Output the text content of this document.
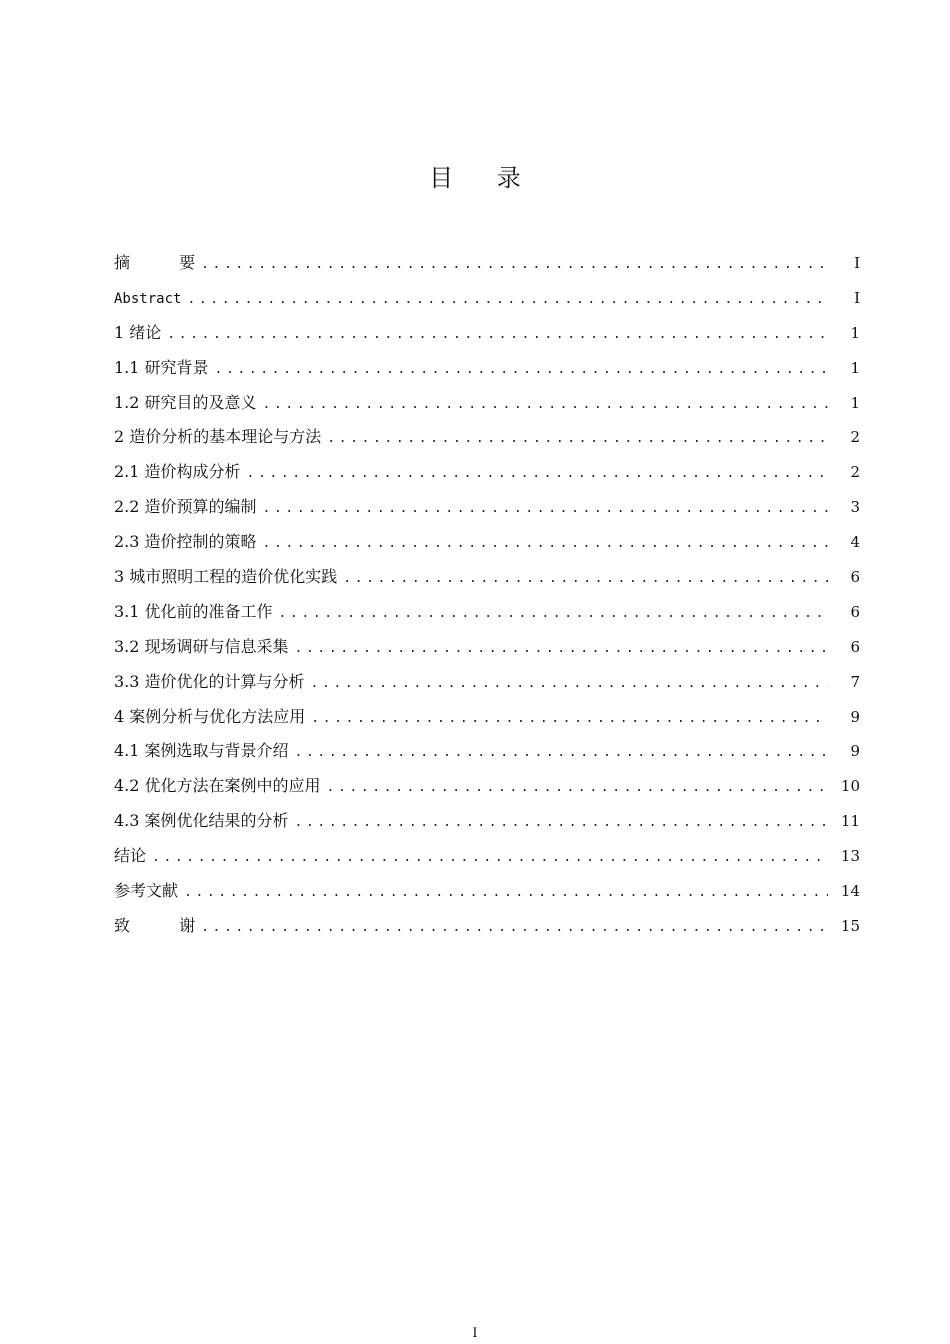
目 录
摘 要 .....	I
Abstract .....	I
1 绪论 .....	1
1.1 研究背景 .....	1
1.2 研究目的及意义 .....	1
2 造价分析的基本理论与方法 .....	2
2.1 造价构成分析 .....	2
2.2 造价预算的编制 .....	3
2.3 造价控制的策略 .....	4
3 城市照明工程的造价优化实践 .....	6
3.1 优化前的准备工作 .....	6
3.2 现场调研与信息采集 .....	6
3.3 造价优化的计算与分析 .....	7
4 案例分析与优化方法应用 .....	9
4.1 案例选取与背景介绍 .....	9
4.2 优化方法在案例中的应用 .....	10
4.3 案例优化结果的分析 .....	11
结论 .....	13
参考文献 .....	14
致 谢 .....	15
I
